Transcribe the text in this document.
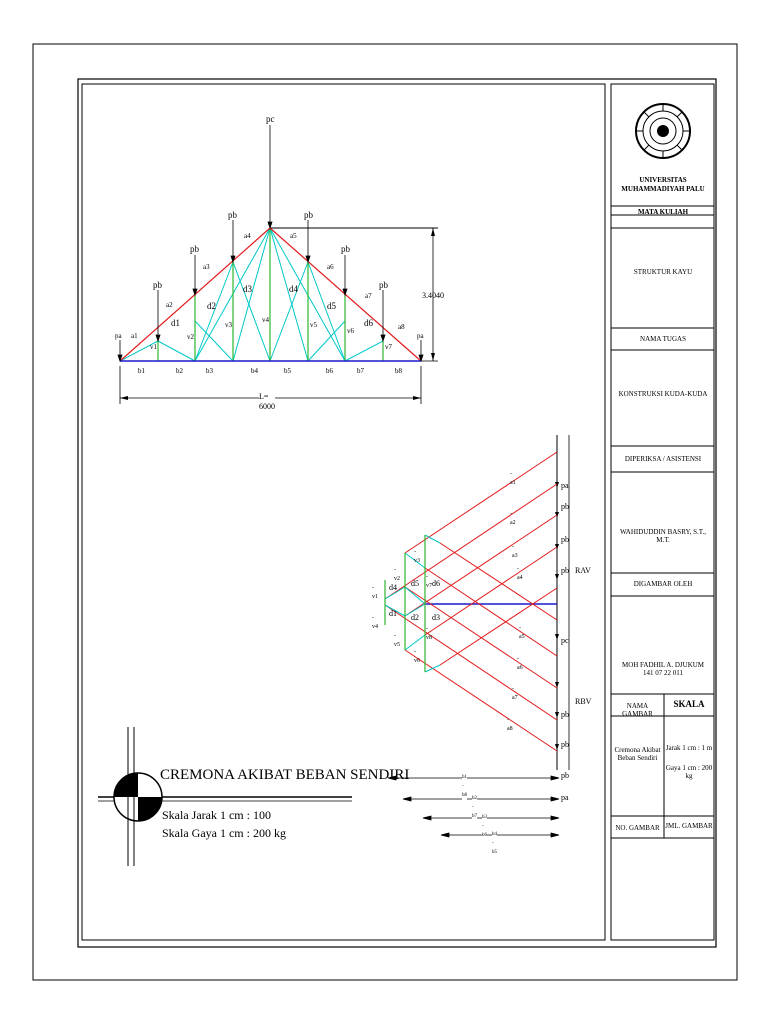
UNIVERSITAS
MUHAMMADIYAH PALU
MATA KULIAH
STRUKTUR KAYU
NAMA TUGAS
KONSTRUKSI KUDA-KUDA
DIPERIKSA / ASISTENSI
WAHIDUDDIN BASRY, S.T., M.T.
DIGAMBAR OLEH
MOH FADHIL A. DJUKUM
141 07 22 011
NAMA GAMBAR
SKALA
Cremona Akibat
Beban Sendiri
Jarak 1 cm : 1 m
Gaya 1 cm : 200 kg
NO. GAMBAR JML. GAMBAR
CREMONA AKIBAT BEBAN SENDIRI
Skala Jarak 1 cm : 100
Skala Gaya 1 cm : 200 kg
3.4040
L= 6000
pc
pa
pb
pb
pb	pb
pb
pb
pa
a1
a2
a3
a4	a5
a6
a7
a8
b1	b2	b3	b4	b5	b6	b7	b8
v1
v2
v3
v4
v5
v6
v7
d1
d2
d3	d4
d5
d6
pa
pb
pb
pb
pc
pb
pb
pb
pa
RAV
RBV
-a1
-a2
-a3
-a4
-a5
-a6
-a7
-a8
d4 d5 d6
d1 d2 d3
-v1
-v2
-v3
-v4
-v5
-v6
-v7
-v8
b1 - b8
b2 - b7 b3 - b6 b4 - b5
